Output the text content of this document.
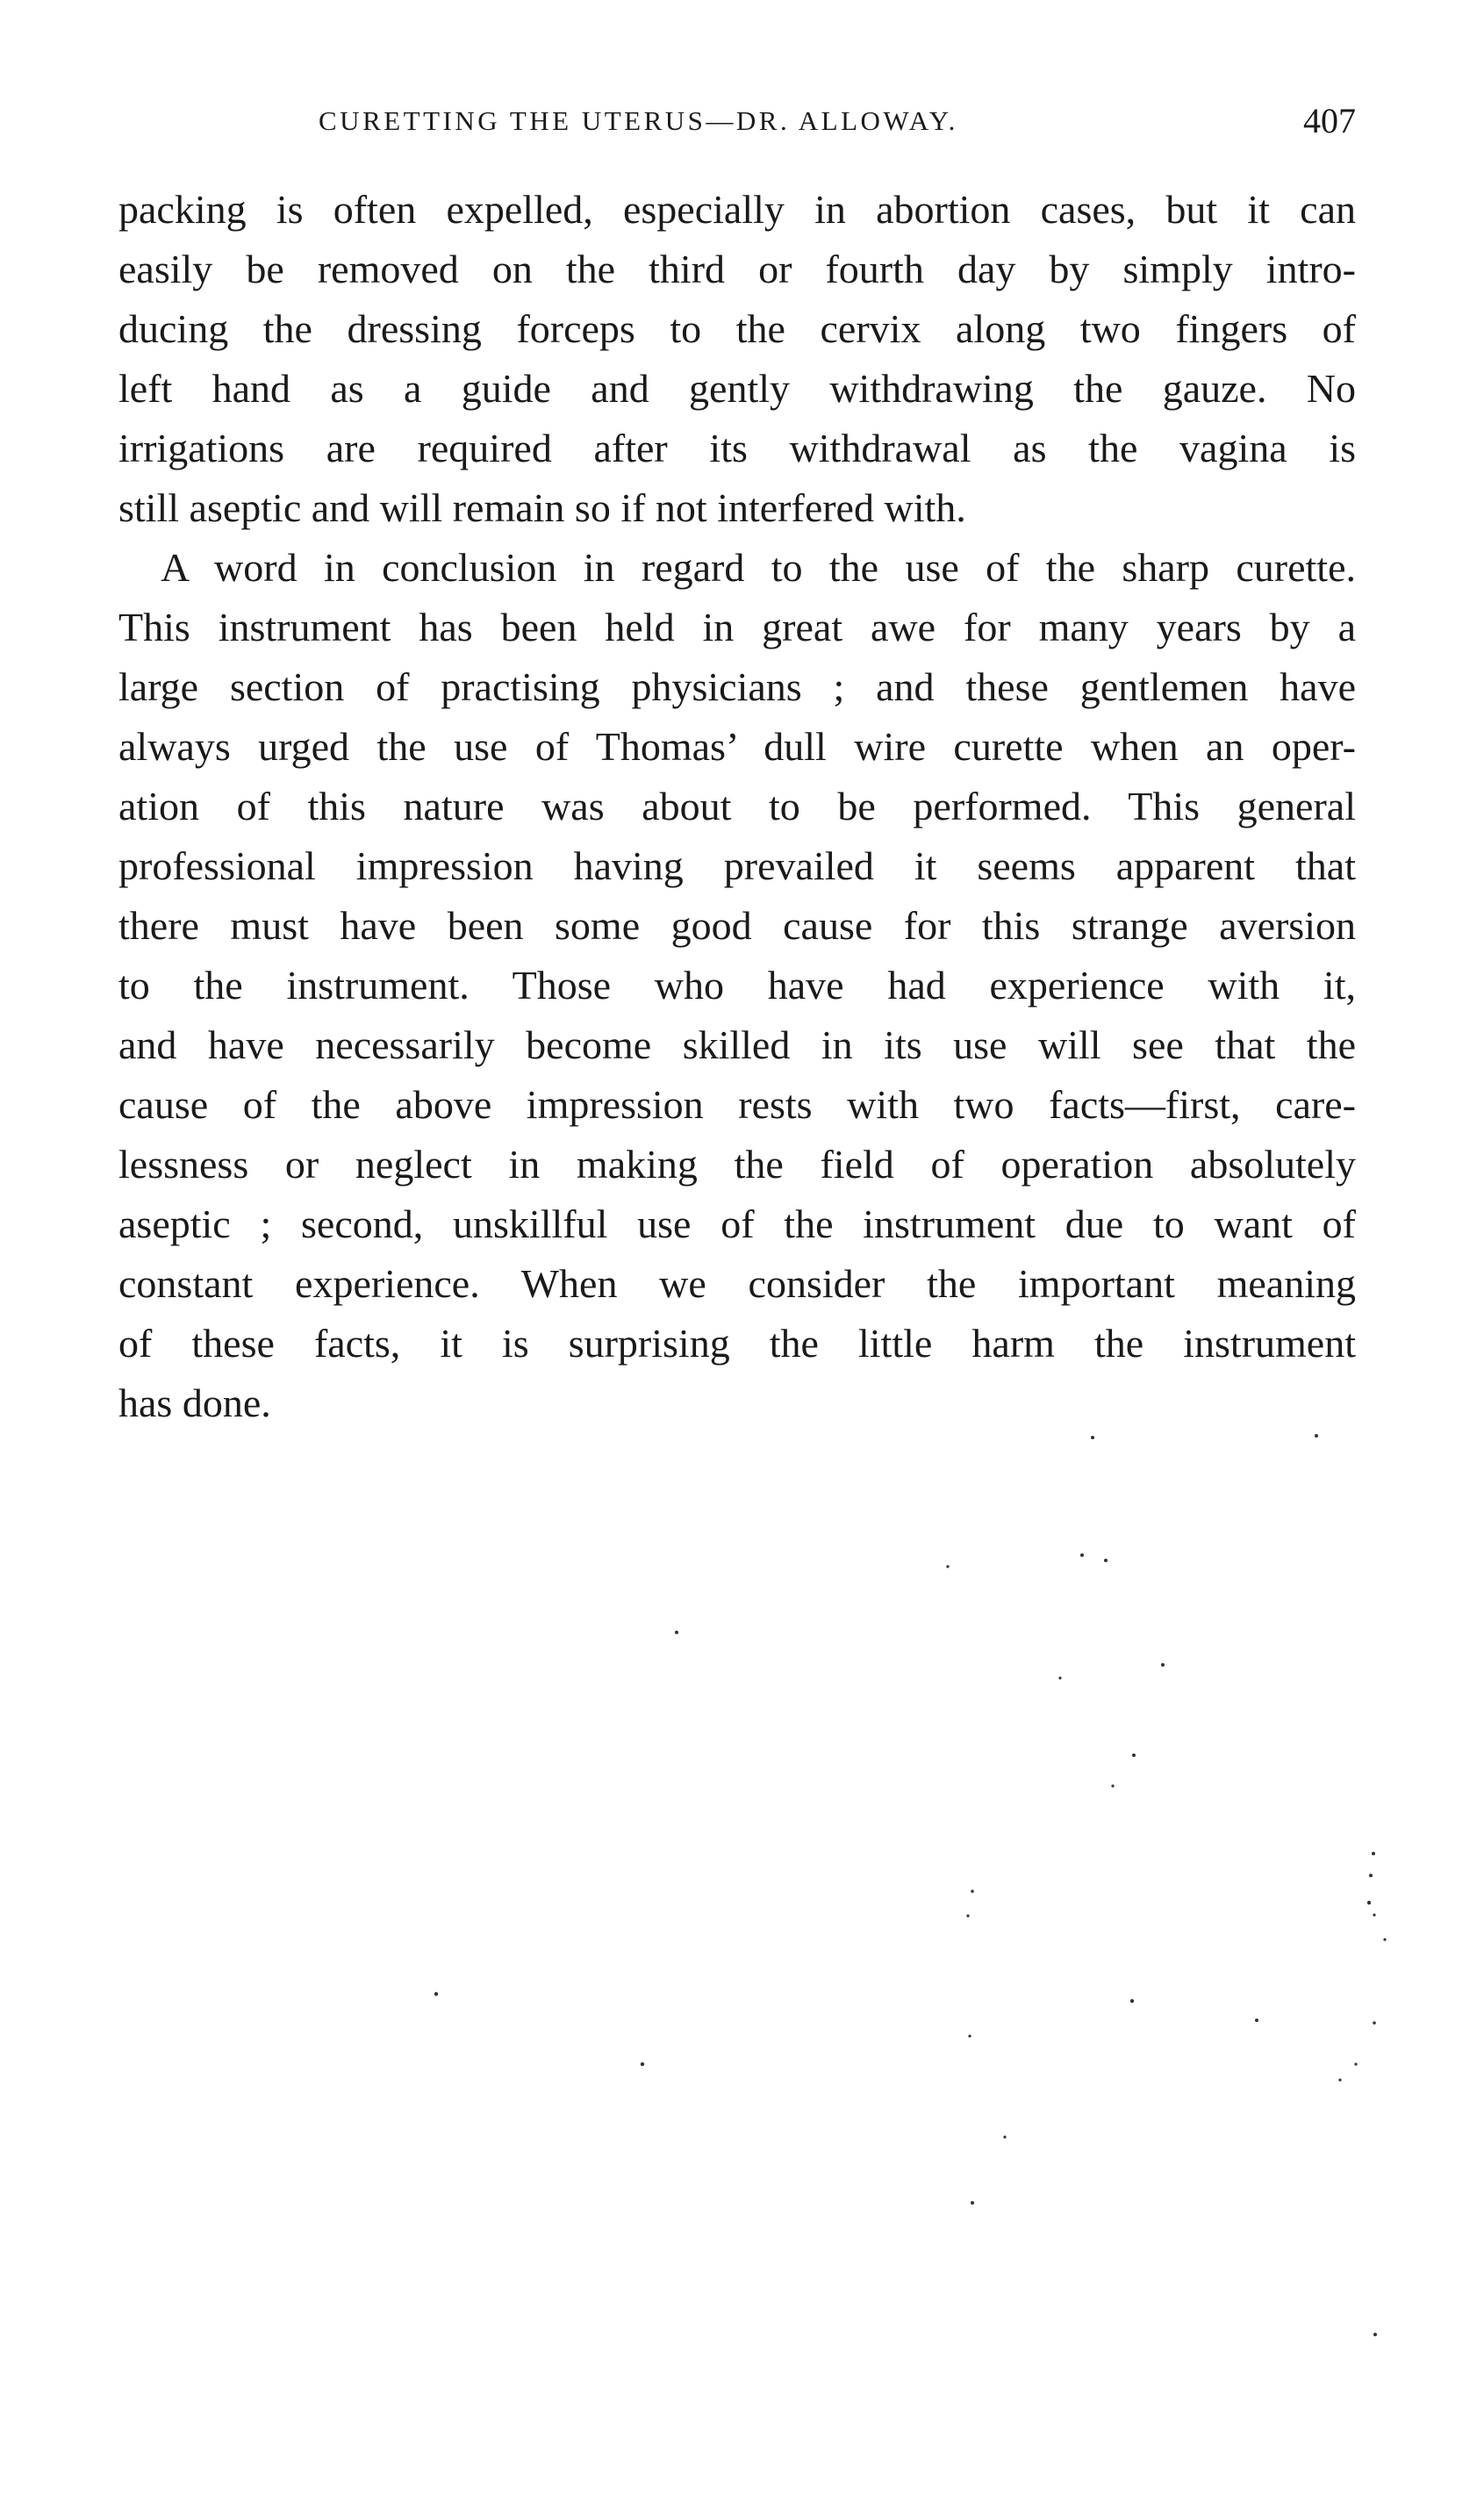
CURETTING THE UTERUS—DR. ALLOWAY.	407
packing is often expelled, especially in abortion cases, but it can
easily be removed on the third or fourth day by simply intro-
ducing the dressing forceps to the cervix along two fingers of
left hand as a guide and gently withdrawing the gauze. No
irrigations are required after its withdrawal as the vagina is
still aseptic and will remain so if not interfered with.
A word in conclusion in regard to the use of the sharp curette.
This instrument has been held in great awe for many years by a
large section of practising physicians ; and these gentlemen have
always urged the use of Thomas’ dull wire curette when an oper-
ation of this nature was about to be performed. This general
professional impression having prevailed it seems apparent that
there must have been some good cause for this strange aversion
to the instrument. Those who have had experience with it,
and have necessarily become skilled in its use will see that the
cause of the above impression rests with two facts—first, care-
lessness or neglect in making the field of operation absolutely
aseptic ; second, unskillful use of the instrument due to want of
constant experience. When we consider the important meaning
of these facts, it is surprising the little harm the instrument
has done.
